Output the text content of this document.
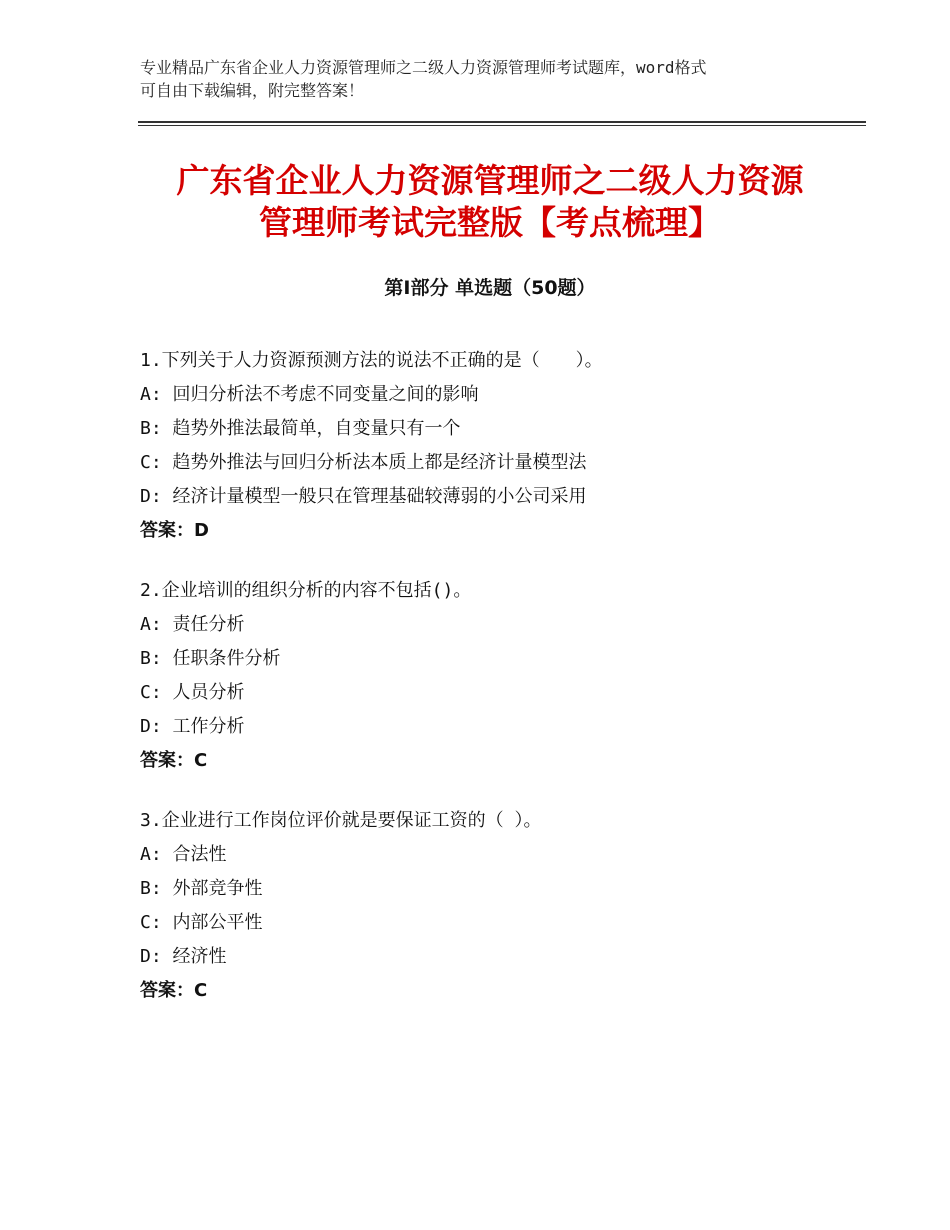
专业精品广东省企业人力资源管理师之二级人力资源管理师考试题库，word格式
可自由下载编辑，附完整答案！
广东省企业人力资源管理师之二级人力资源
管理师考试完整版【考点梳理】
第Ⅰ部分 单选题（50题）
1.下列关于人力资源预测方法的说法不正确的是（　　）。
A: 回归分析法不考虑不同变量之间的影响
B: 趋势外推法最简单，自变量只有一个
C: 趋势外推法与回归分析法本质上都是经济计量模型法
D: 经济计量模型一般只在管理基础较薄弱的小公司采用
答案：D
2.企业培训的组织分析的内容不包括()。
A: 责任分析
B: 任职条件分析
C: 人员分析
D: 工作分析
答案：C
3.企业进行工作岗位评价就是要保证工资的（ ）。
A: 合法性
B: 外部竞争性
C: 内部公平性
D: 经济性
答案：C
